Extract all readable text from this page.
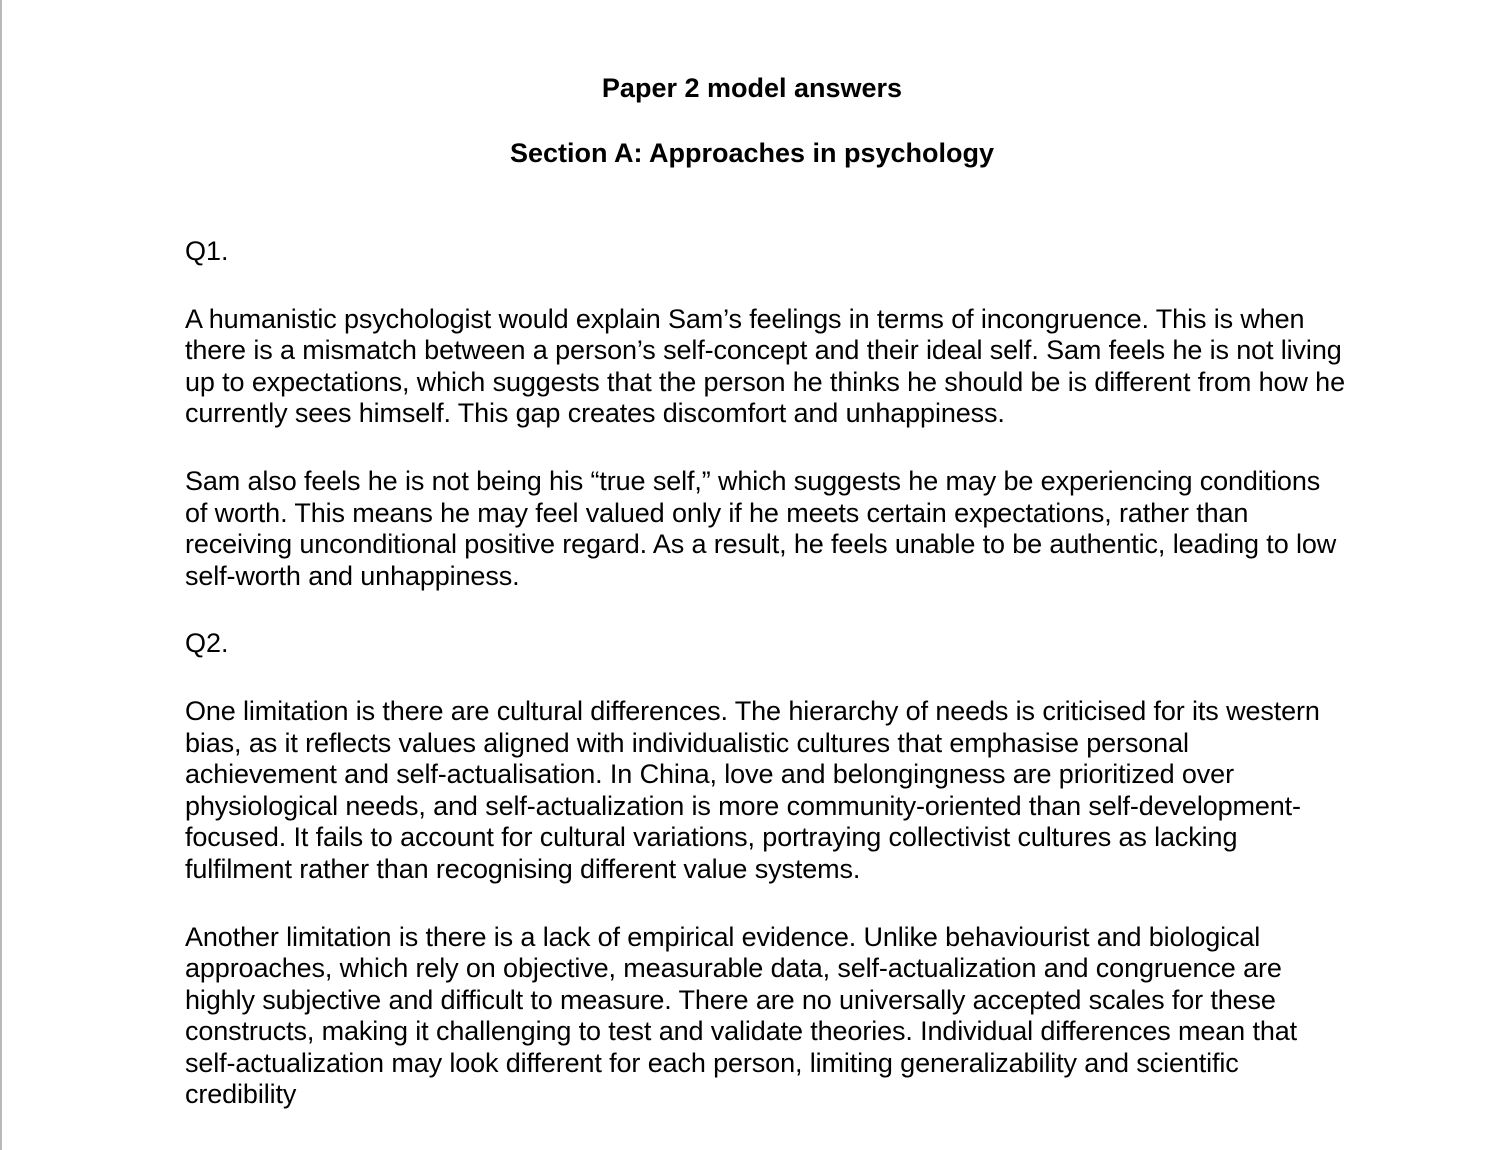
Paper 2 model answers
Section A: Approaches in psychology

Q1.

A humanistic psychologist would explain Sam’s feelings in terms of incongruence. This is when there is a mismatch between a person’s self-concept and their ideal self. Sam feels he is not living up to expectations, which suggests that the person he thinks he should be is different from how he currently sees himself. This gap creates discomfort and unhappiness.

Sam also feels he is not being his “true self,” which suggests he may be experiencing conditions of worth. This means he may feel valued only if he meets certain expectations, rather than receiving unconditional positive regard. As a result, he feels unable to be authentic, leading to low self-worth and unhappiness.

Q2.

One limitation is there are cultural differences. The hierarchy of needs is criticised for its western bias, as it reflects values aligned with individualistic cultures that emphasise personal achievement and self-actualisation. In China, love and belongingness are prioritized over physiological needs, and self-actualization is more community-oriented than self-development-focused. It fails to account for cultural variations, portraying collectivist cultures as lacking fulfilment rather than recognising different value systems.

Another limitation is there is a lack of empirical evidence. Unlike behaviourist and biological approaches, which rely on objective, measurable data, self-actualization and congruence are highly subjective and difficult to measure. There are no universally accepted scales for these constructs, making it challenging to test and validate theories. Individual differences mean that self-actualization may look different for each person, limiting generalizability and scientific credibility
